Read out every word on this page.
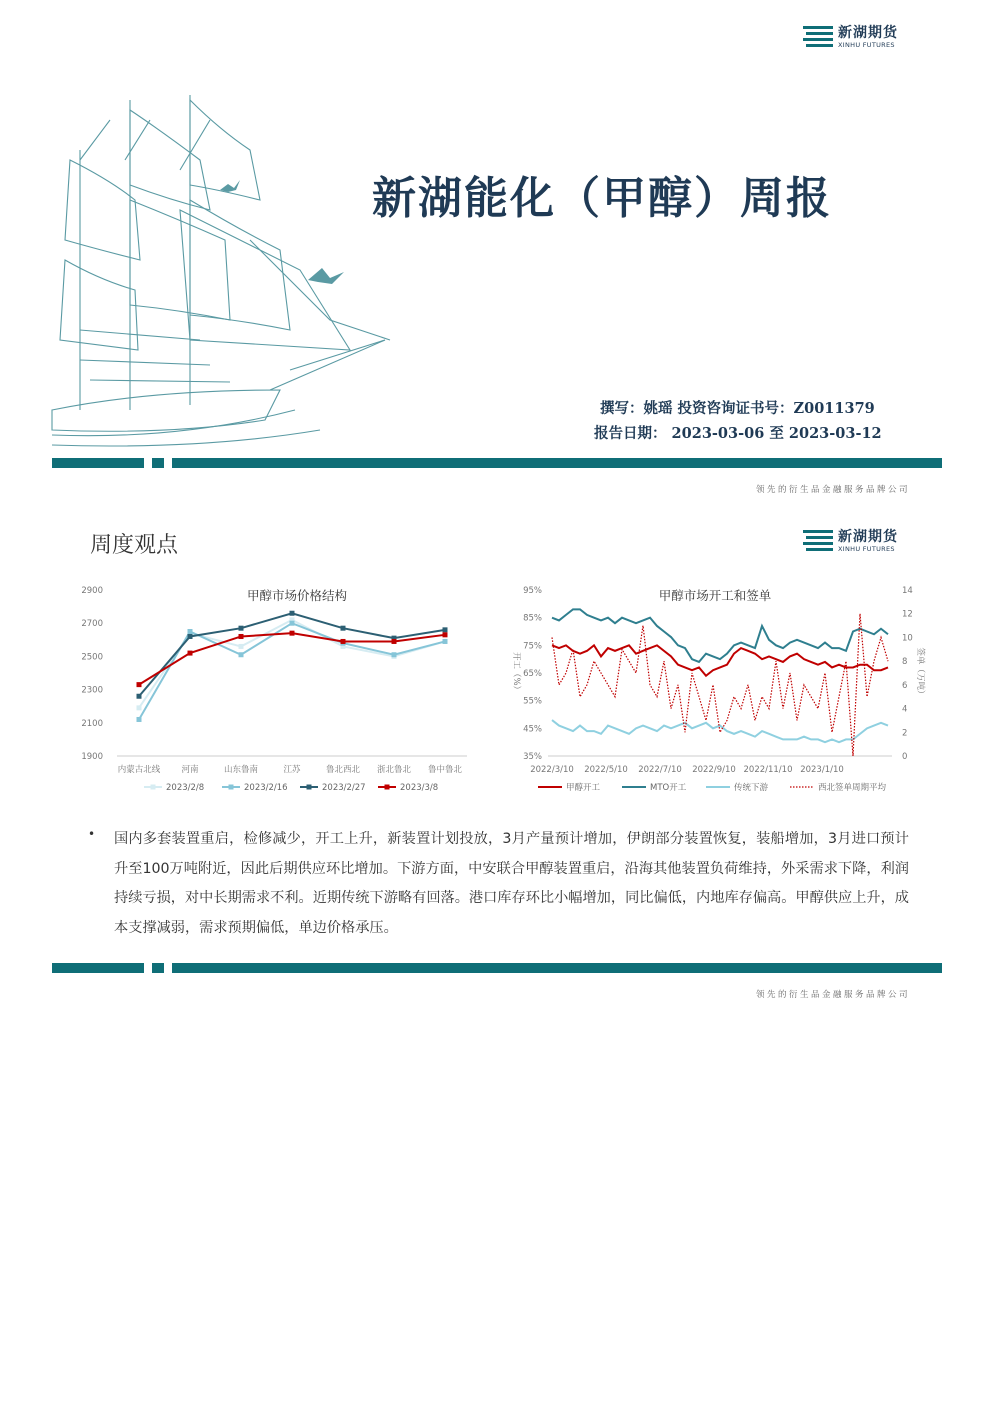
新湖期货
XINHU FUTURES
新湖能化（甲醇）周报
撰写：姚瑶 投资咨询证书号：Z0011379
报告日期： 2023-03-06 至 2023-03-12
领先的衍生品金融服务品牌公司
周度观点	新湖期货
XINHU FUTURES
甲醇市场价格结构
1900
2100
2300
2500
2700
2900
内蒙古北线 河南	山东鲁南	江苏	鲁北西北 浙北鲁北 鲁中鲁北
2023/2/8	2023/2/16	2023/2/27	2023/3/8
甲醇市场开工和签单
35%
45%
55%
65%
75%
85%
95%
0
2
4
6
8
10
12
14
开工（%）	签单（万吨）
2022/3/10 2022/5/10 2022/7/10 2022/9/10 2022/11/10 2023/1/10
甲醇开工	MTO开工	传统下游	西北签单周期平均
• 国内多套装置重启，检修减少，开工上升，新装置计划投放，3月产量预计增加，伊朗部分装置恢复，装船增加，3月进口预计升至100万吨附近，因此后期供应环比增加。下游方面，中安联合甲醇装置重启，沿海其他装置负荷维持，外采需求下降，利润持续亏损，对中长期需求不利。近期传统下游略有回落。港口库存环比小幅增加，同比偏低，内地库存偏高。甲醇供应上升，成本支撑减弱，需求预期偏低，单边价格承压。
领先的衍生品金融服务品牌公司
